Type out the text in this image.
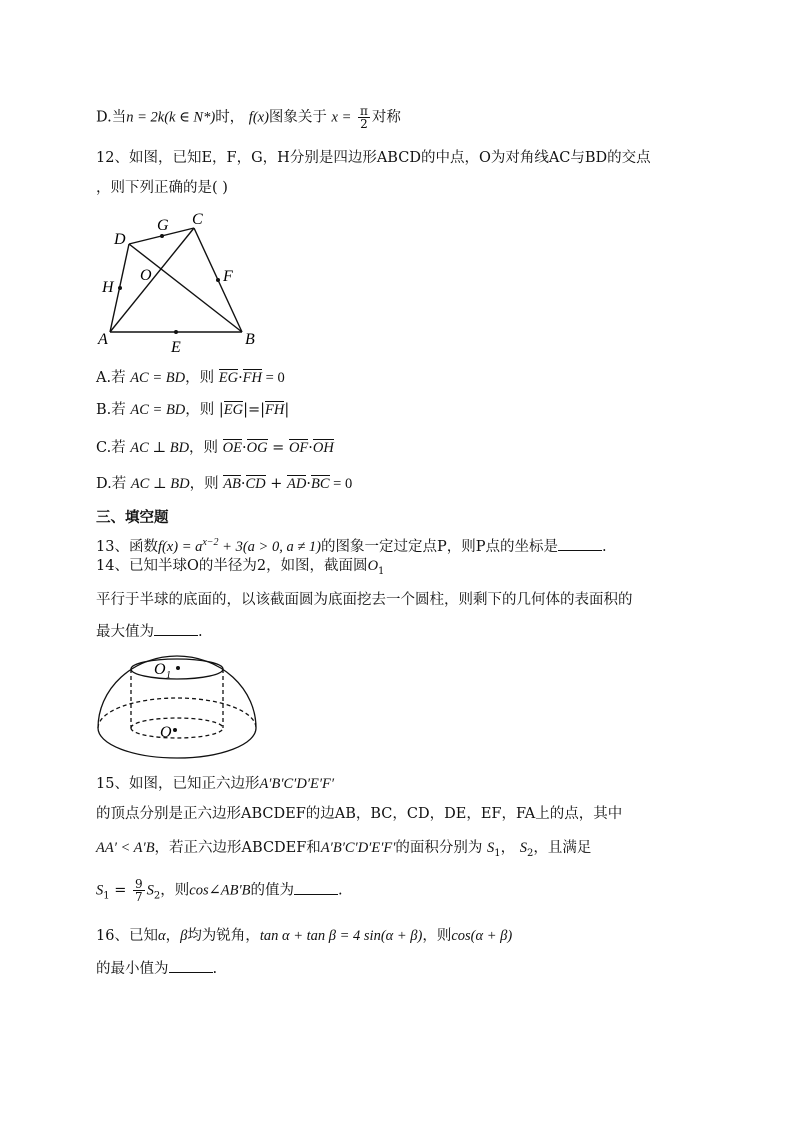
D.当n = 2k(k ∈ N*)时， f(x)图象关于 $x = \frac{\pi}{2}$ 对称
12、如图，已知E，F，G，H分别是四边形ABCD的中点，O为对角线AC与BD的交点
，则下列正确的是( )
A	B
C
D
E
F
G
H
O
A.若 AC = BD，则 EG·FH = 0
B.若 AC = BD，则 |EG|=|FH|
C.若 AC ⊥ BD，则 OE·OG = OF·OH
D.若 AC ⊥ BD，则 AB·CD + AD·BC = 0
三、填空题
13、函数$f(x) = a^{x-2} + 3(a > 0$, a ≠ 1)的图象一定过定点P，则P点的坐标是	.
14、已知半球O的半径为2，如图，截面圆$O_1$
平行于半球的底面的，以该截面圆为底面挖去一个圆柱，则剩下的几何体的表面积的
最大值为	.
O 1
O
15、如图，已知正六边形A′B′C′D′E′F′
的顶点分别是正六边形ABCDEF的边AB，BC，CD，DE，EF，FA上的点，其中
AA′ < A′B，若正六边形ABCDEF和A′B′C′D′E′F′的面积分别为 $S_1$， $S_2$，且满足
$S_1 = \frac{9}{7} S_2$，则cos∠AB′B的值为	.
16、已知α，β均为锐角，tan α + tan β = 4 sin(α + β)，则cos(α + β)
的最小值为	.
